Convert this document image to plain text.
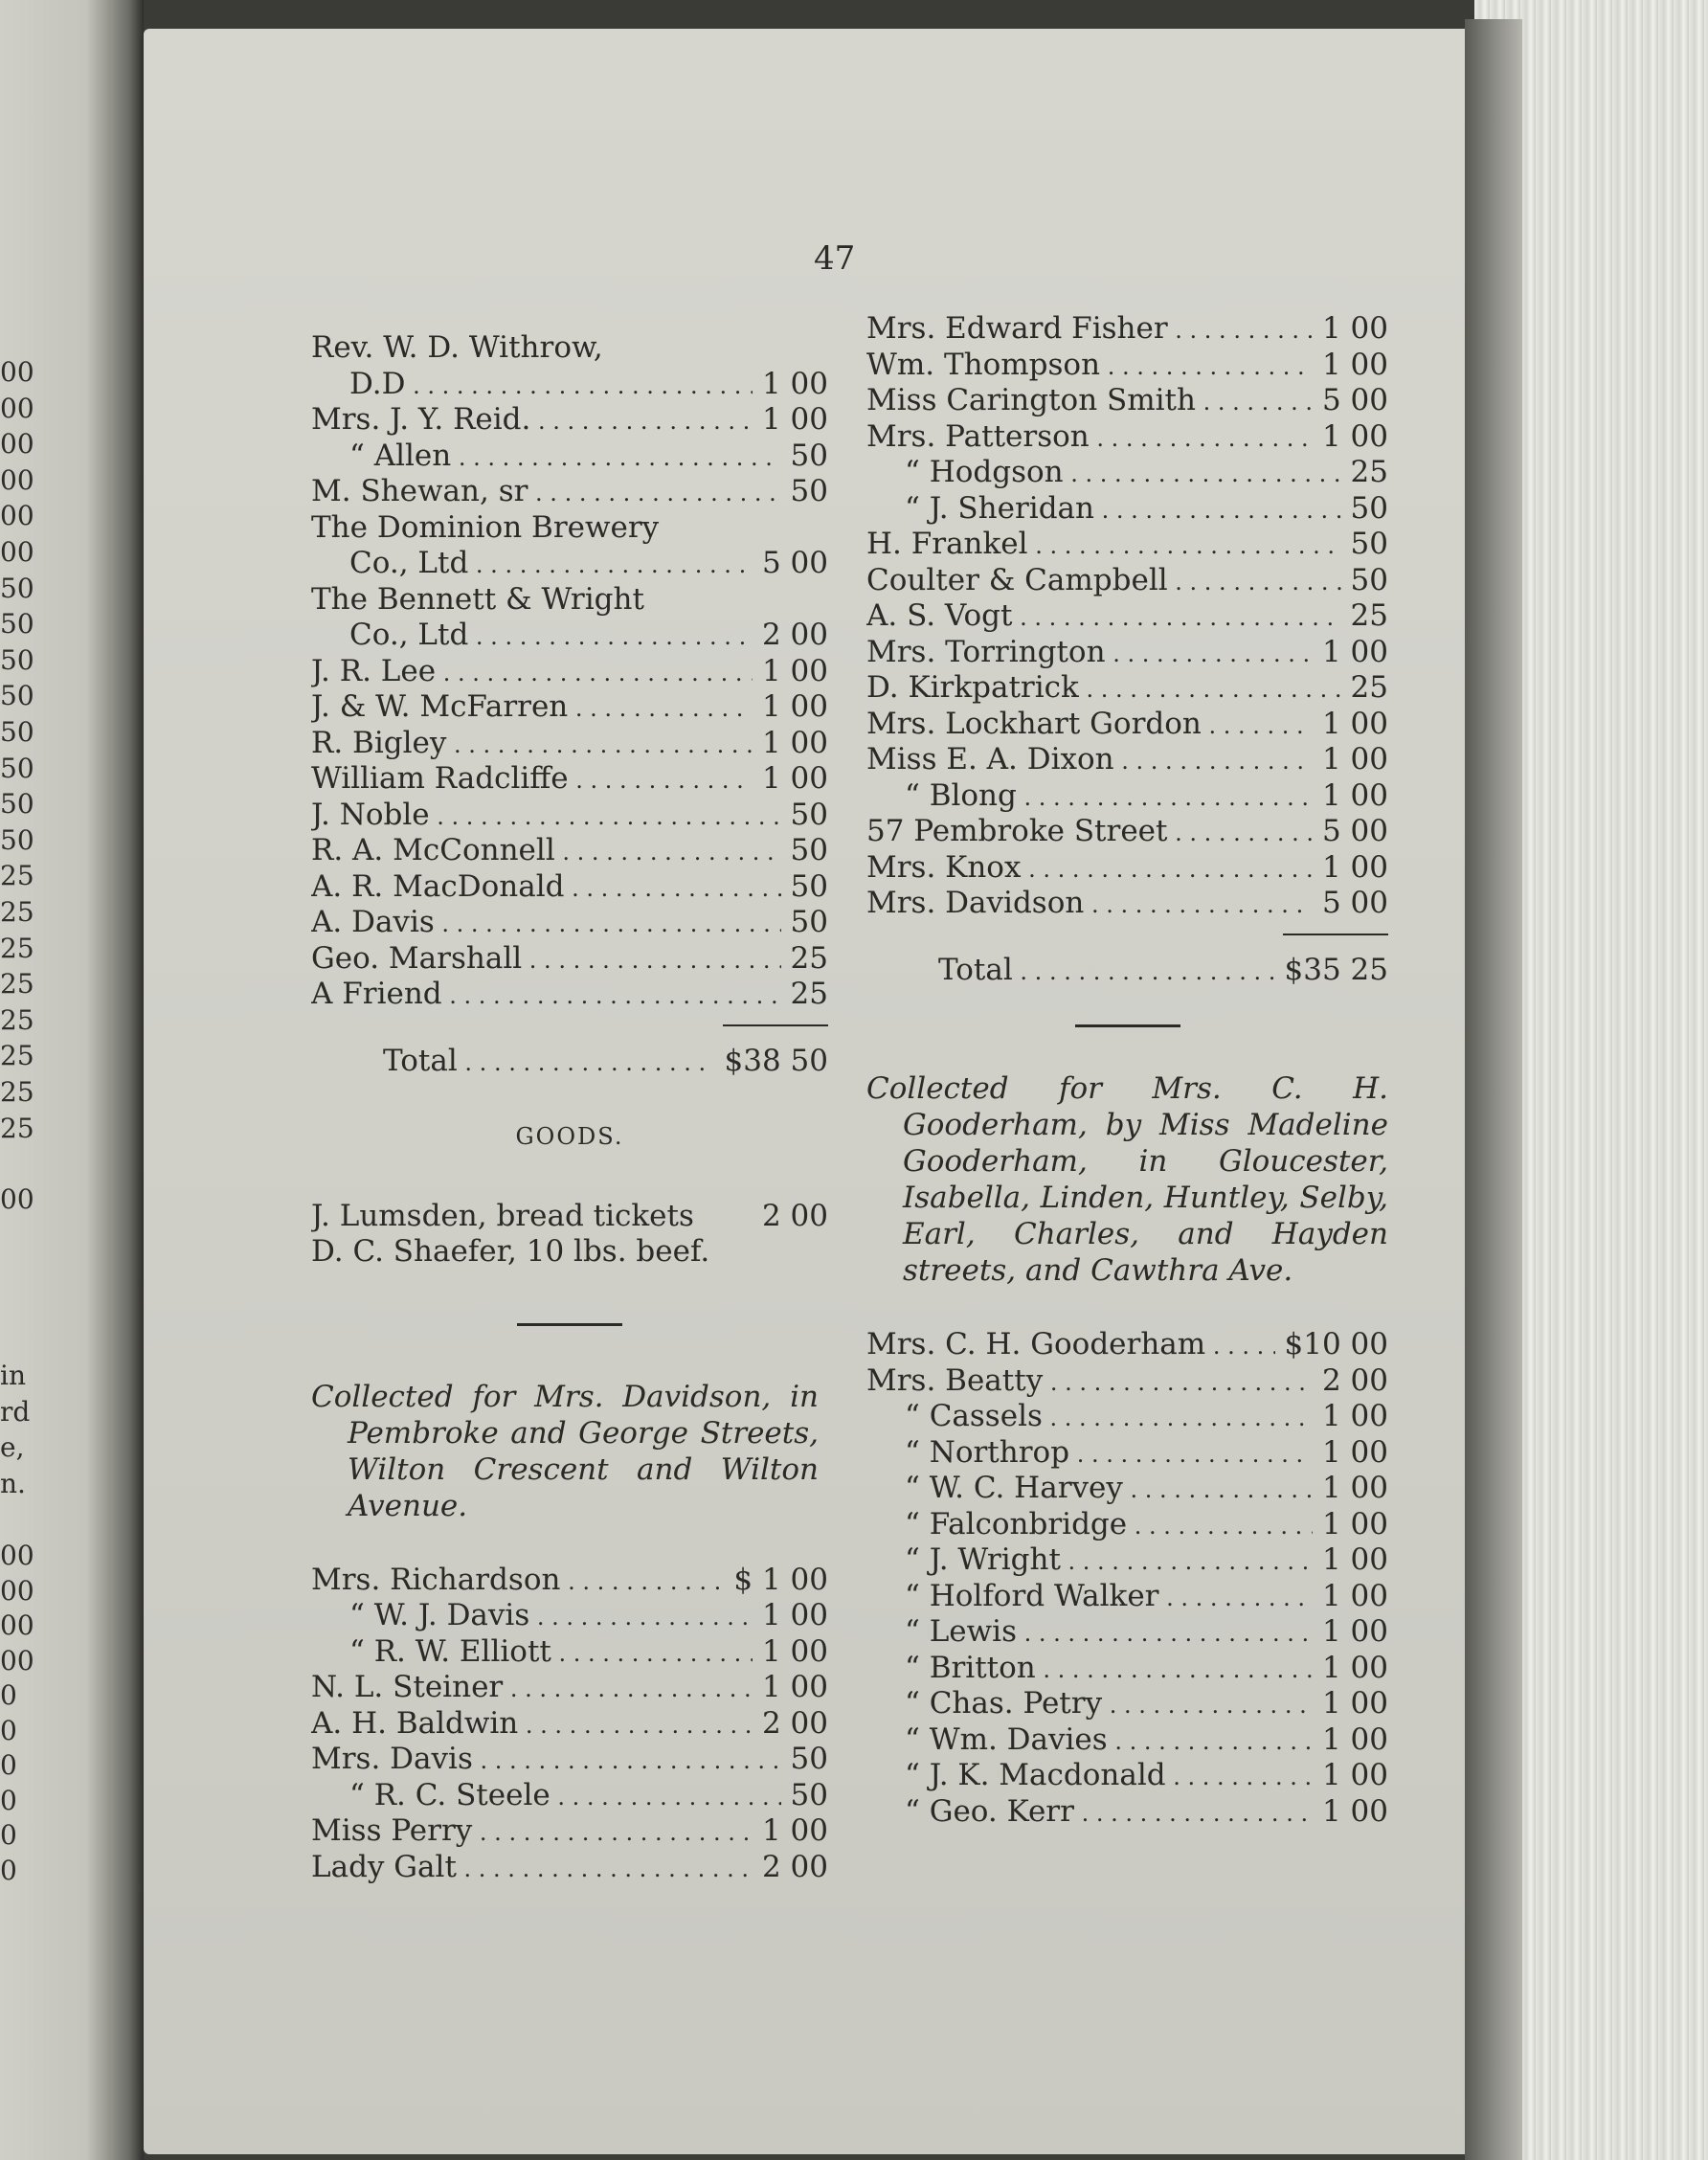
00
00
00
00
00
00
50
50
50
50
50
50
50
50
25
25
25
25
25
25
25
25
00
in
rd
e,
n.
00
00
00
00
0
0
0
0
0
0
47
Rev. W. D. Withrow,
D.D . . .	1 00
Mrs. J. Y. Reid. . . .	1 00
“ Allen . . .	50
M. Shewan, sr . . .	50
The Dominion Brewery
Co., Ltd . . .	5 00
The Bennett & Wright
Co., Ltd . . .	2 00
J. R. Lee . . .	1 00
J. & W. McFarren . . .	1 00
R. Bigley . . .	1 00
William Radcliffe . . .	1 00
J. Noble . . .	50
R. A. McConnell . . .	50
A. R. MacDonald . . .	50
A. Davis . . .	50
Geo. Marshall . . .	25
A Friend . . .	25
Total . . .	$38 50
GOODS.
J. Lumsden, bread tickets	2 00
D. C. Shaefer, 10 lbs. beef.
Collected for Mrs. Davidson, in Pembroke and George Streets, Wilton Crescent and Wilton Avenue.
Mrs. Richardson . . .	$ 1 00
“ W. J. Davis . . .	1 00
“ R. W. Elliott . . .	1 00
N. L. Steiner . . .	1 00
A. H. Baldwin . . .	2 00
Mrs. Davis . . .	50
“ R. C. Steele . . .	50
Miss Perry . . .	1 00
Lady Galt . . .	2 00
Mrs. Edward Fisher . . .	1 00
Wm. Thompson . . .	1 00
Miss Carington Smith . . .	5 00
Mrs. Patterson . . .	1 00
“ Hodgson . . .	25
“ J. Sheridan . . .	50
H. Frankel . . .	50
Coulter & Campbell . . .	50
A. S. Vogt . . .	25
Mrs. Torrington . . .	1 00
D. Kirkpatrick . . .	25
Mrs. Lockhart Gordon . . .	1 00
Miss E. A. Dixon . . .	1 00
“ Blong . . .	1 00
57 Pembroke Street . . .	5 00
Mrs. Knox . . .	1 00
Mrs. Davidson . . .	5 00
Total . . .	$35 25
Collected for Mrs. C. H. Gooderham, by Miss Madeline Gooderham, in Gloucester, Isabella, Linden, Huntley, Selby, Earl, Charles, and Hayden streets, and Cawthra Ave.
Mrs. C. H. Gooderham . . .	$10 00
Mrs. Beatty . . .	2 00
“ Cassels . . .	1 00
“ Northrop . . .	1 00
“ W. C. Harvey . . .	1 00
“ Falconbridge . . .	1 00
“ J. Wright . . .	1 00
“ Holford Walker . . .	1 00
“ Lewis . . .	1 00
“ Britton . . .	1 00
“ Chas. Petry . . .	1 00
“ Wm. Davies . . .	1 00
“ J. K. Macdonald . . .	1 00
“ Geo. Kerr . . .	1 00
